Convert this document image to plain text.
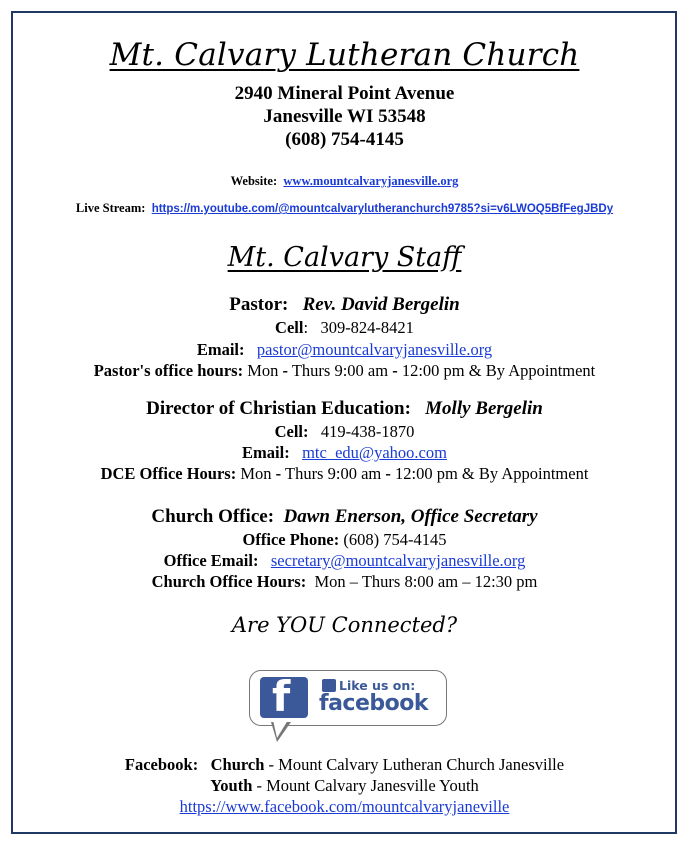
Mt. Calvary Lutheran Church
2940 Mineral Point Avenue
Janesville WI 53548
(608) 754-4145
Website: www.mountcalvaryjanesville.org
Live Stream: https://m.youtube.com/@mountcalvarylutheranchurch9785?si=v6LWOQ5BfFegJBDy
Mt. Calvary Staff
Pastor: Rev. David Bergelin
Cell:   309-824-8421
Email: pastor@mountcalvaryjanesville.org
Pastor's office hours: Mon - Thurs 9:00 am - 12:00 pm & By Appointment
Director of Christian Education: Molly Bergelin
Cell: 419-438-1870
Email: mtc_edu@yahoo.com
DCE Office Hours: Mon - Thurs 9:00 am - 12:00 pm & By Appointment
Church Office: Dawn Enerson, Office Secretary
Office Phone: (608) 754-4145
Office Email: secretary@mountcalvaryjanesville.org
Church Office Hours: Mon – Thurs 8:00 am – 12:30 pm
Are YOU Connected?
f	Like us on:
facebook
Facebook: Church - Mount Calvary Lutheran Church Janesville
Youth - Mount Calvary Janesville Youth
https://www.facebook.com/mountcalvaryjaneville
